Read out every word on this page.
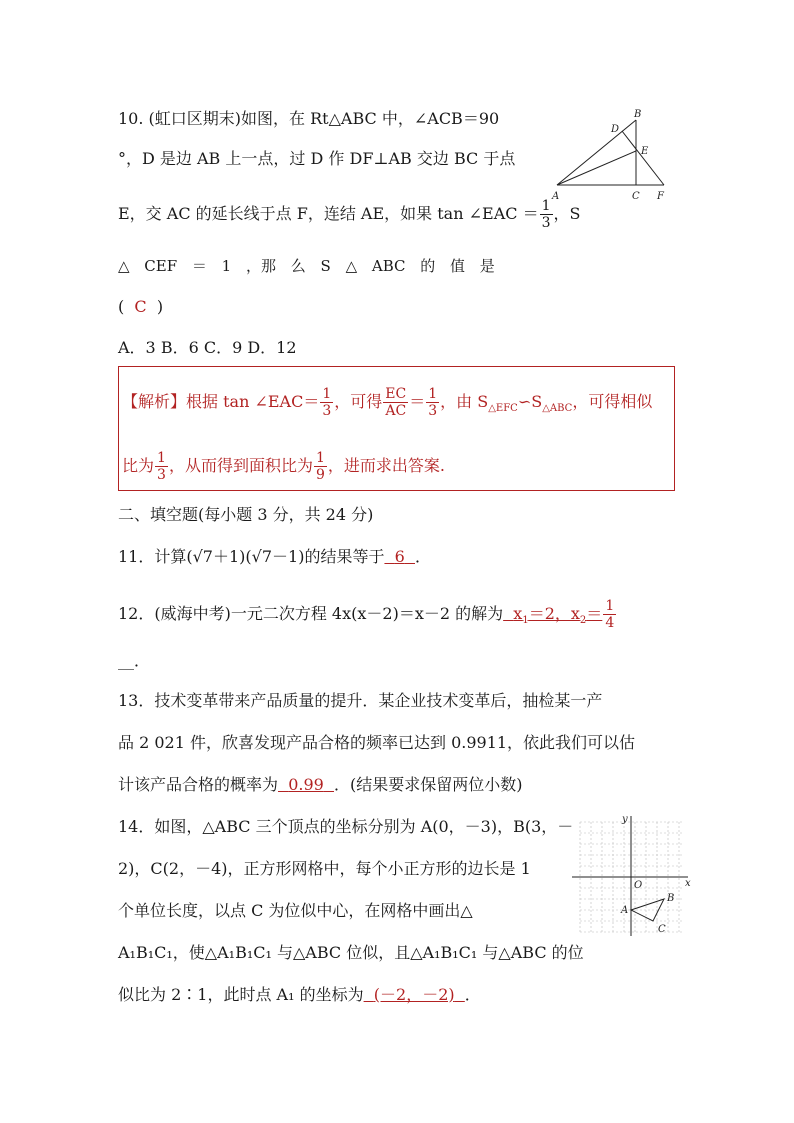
10. (虹口区期末)如图，在 Rt△ABC 中，∠ACB＝90
°，D 是边 AB 上一点，过 D 作 DF⊥AB 交边 BC 于点
E，交 AC 的延长线于点 F，连结 AE，如果 tan ∠EAC ＝ $\frac{1}{3}$ ，S
△ CEF ＝ 1 ，那 么 S △ ABC 的 值 是
( C )
A．3 B．6 C．9 D．12
B
D
E
A	C F
【解析】根据 tan ∠EAC＝ $\frac{1}{3}$ ，可得 $\frac{EC}{AC} = \frac{1}{3}$ ，由 $S_{\triangle EFC}∽S_{\triangle ABC}$，可得相似
比为 $\frac{1}{3}$ ，从而得到面积比为 $\frac{1}{9}$ ，进而求出答案.
二、填空题(每小题 3 分，共 24 分)
11．计算(√7＋1)(√7－1)的结果等于 6 ．
12．(威海中考)一元二次方程 4x(x－2)＝x－2 的解为 $x_1=2$，$x_2= \frac{1}{4}$
__．
13．技术变革带来产品质量的提升．某企业技术变革后，抽检某一产
品 2 021 件，欣喜发现产品合格的频率已达到 0.9911，依此我们可以估
计该产品合格的概率为 0.99 ．(结果要求保留两位小数)
14．如图，△ABC 三个顶点的坐标分别为 A(0，－3)，B(3，－
2)，C(2，－4)，正方形网格中，每个小正方形的边长是 1
个单位长度，以点 C 为位似中心，在网格中画出△
A₁B₁C₁，使△A₁B₁C₁ 与△ABC 位似，且△A₁B₁C₁ 与△ABC 的位
似比为 2∶1，此时点 A₁ 的坐标为 (－2，－2) ．
y
x
O
A
B
C
